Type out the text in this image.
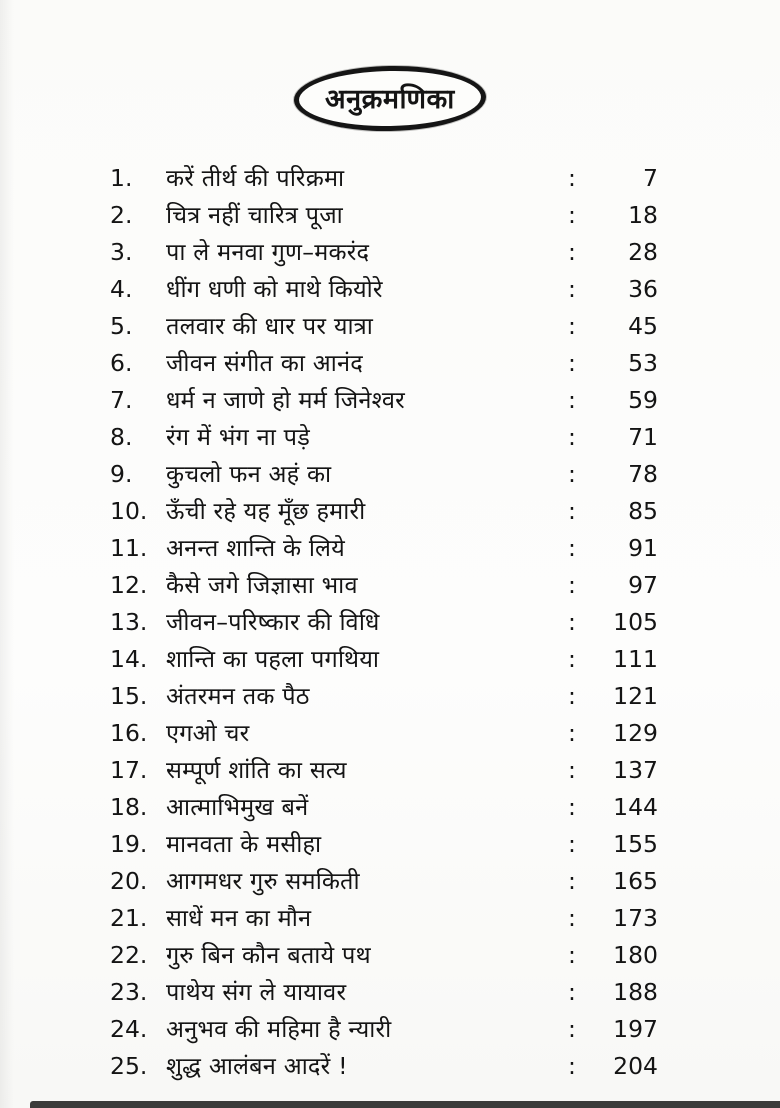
अनुक्रमणिका
1.	करें तीर्थ की परिक्रमा	:	7
2.	चित्र नहीं चारित्र पूजा	:	18
3.	पा ले मनवा गुण–मकरंद	:	28
4.	धींग धणी को माथे कियोरे	:	36
5.	तलवार की धार पर यात्रा	:	45
6.	जीवन संगीत का आनंद	:	53
7.	धर्म न जाणे हो मर्म जिनेश्वर	:	59
8.	रंग में भंग ना पड़े	:	71
9.	कुचलो फन अहं का	:	78
10. ऊँची रहे यह मूँछ हमारी	:	85
11. अनन्त शान्ति के लिये	:	91
12. कैसे जगे जिज्ञासा भाव	:	97
13. जीवन–परिष्कार की विधि	:	105
14. शान्ति का पहला पगथिया	:	111
15. अंतरमन तक पैठ	:	121
16. एगओ चर	:	129
17. सम्पूर्ण शांति का सत्य	:	137
18. आत्माभिमुख बनें	:	144
19. मानवता के मसीहा	:	155
20. आगमधर गुरु समकिती	:	165
21. साधें मन का मौन	:	173
22. गुरु बिन कौन बताये पथ	:	180
23. पाथेय संग ले यायावर	:	188
24. अनुभव की महिमा है न्यारी	:	197
25. शुद्ध आलंबन आदरें !	:	204
